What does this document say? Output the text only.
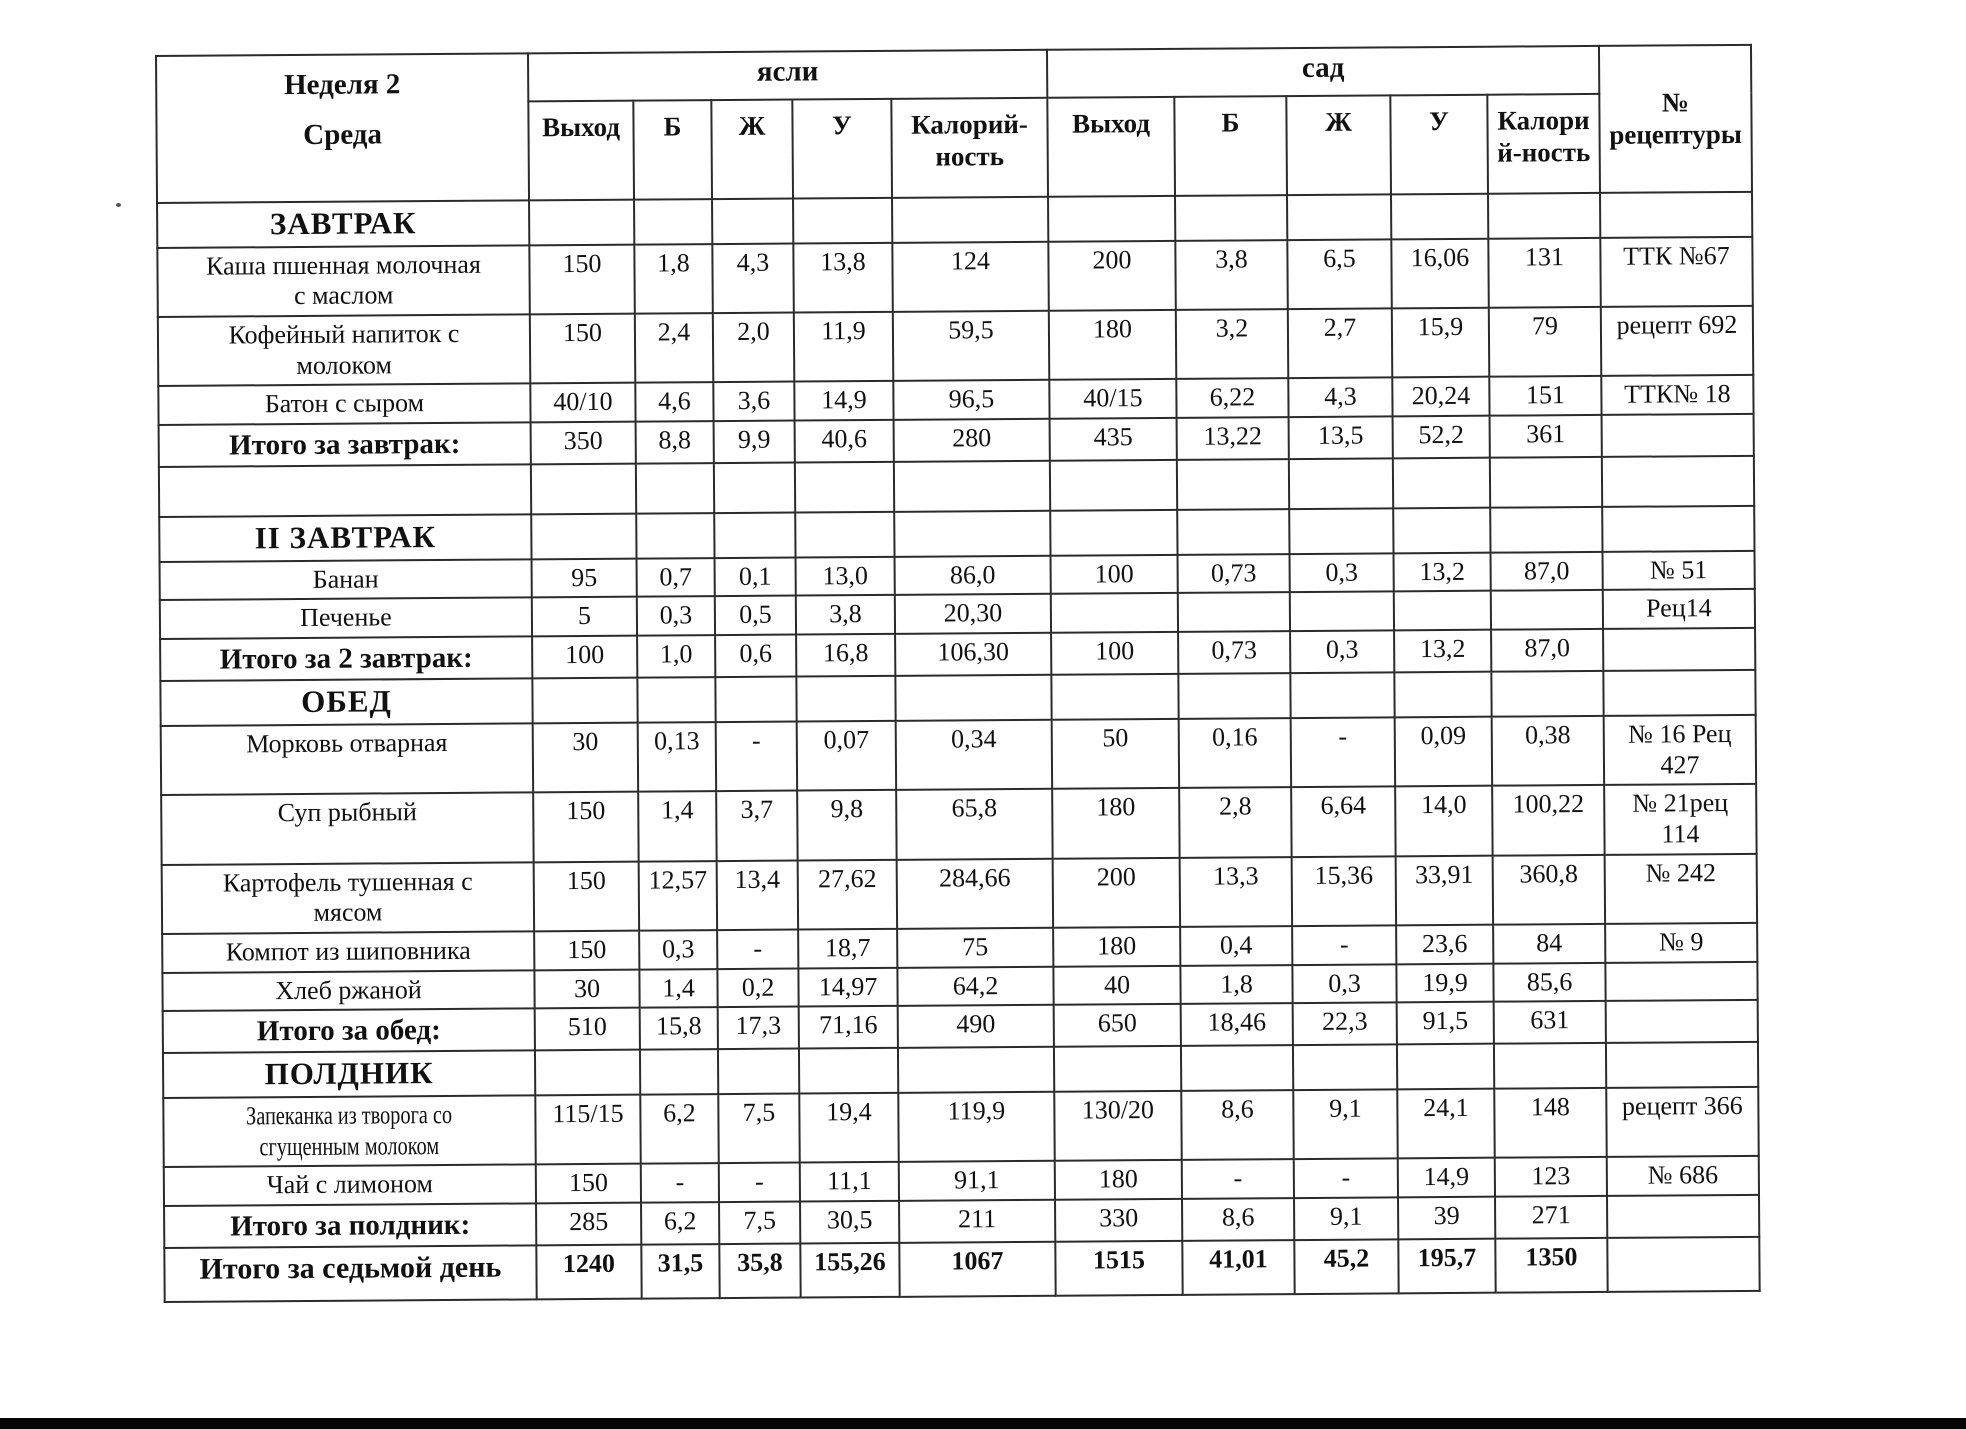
Неделя 2
Среда
	ясли	сад	№
рецептуры
	Выход	Б	Ж	У	Калорий-
ность	Выход	Б	Ж	У	Калори
й-ность	
ЗАВТРАК											
Каша пшенная молочная
с маслом	150	1,8	4,3	13,8	124	200	3,8	6,5	16,06	131	ТТК №67
Кофейный напиток с
молоком	150	2,4	2,0	11,9	59,5	180	3,2	2,7	15,9	79	рецепт 692
Батон с сыром	40/10	4,6	3,6	14,9	96,5	40/15	6,22	4,3	20,24	151	ТТК№ 18
Итого за завтрак:	350	8,8	9,9	40,6	280	435	13,22	13,5	52,2	361	

II ЗАВТРАК											
Банан	95	0,7	0,1	13,0	86,0	100	0,73	0,3	13,2	87,0	№ 51
Печенье	5	0,3	0,5	3,8	20,30						Рец14
Итого за 2 завтрак:	100	1,0	0,6	16,8	106,30	100	0,73	0,3	13,2	87,0	
ОБЕД											
Морковь отварная	30	0,13	-	0,07	0,34	50	0,16	-	0,09	0,38	№ 16 Рец
427
Суп рыбный	150	1,4	3,7	9,8	65,8	180	2,8	6,64	14,0	100,22	№ 21рец
114
Картофель тушенная с
мясом	150	12,57	13,4	27,62	284,66	200	13,3	15,36	33,91	360,8	№ 242
Компот из шиповника	150	0,3	-	18,7	75	180	0,4	-	23,6	84	№ 9
Хлеб ржаной	30	1,4	0,2	14,97	64,2	40	1,8	0,3	19,9	85,6	
Итого за обед:	510	15,8	17,3	71,16	490	650	18,46	22,3	91,5	631	
ПОЛДНИК											
Запеканка из творога со
сгущенным молоком	115/15	6,2	7,5	19,4	119,9	130/20	8,6	9,1	24,1	148	рецепт 366
Чай с лимоном	150	-	-	11,1	91,1	180	-	-	14,9	123	№ 686
Итого за полдник:	285	6,2	7,5	30,5	211	330	8,6	9,1	39	271	
Итого за седьмой день	1240	31,5	35,8	155,26	1067	1515	41,01	45,2	195,7	1350	
